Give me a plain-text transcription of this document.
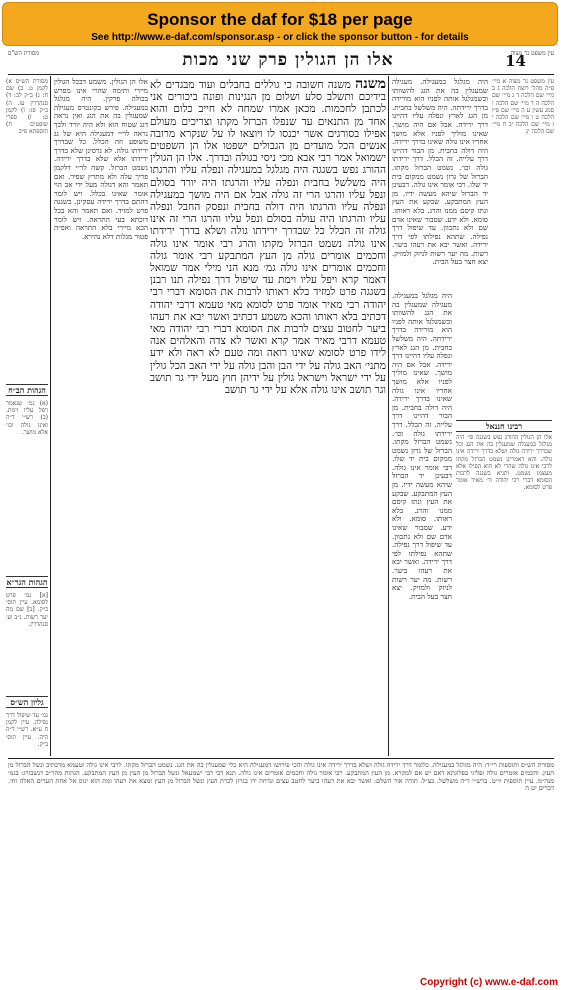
Sponsor the daf for $18 per page
See http://www.e-daf.com/sponsor.asp - or click the sponsor button - for details
עין משפט נר מצוה
14
אלו הן הגולין פרק שני מכות
מסורת הש"ס
עין משפט נר מצוה א מיי׳ פ״ה מהל׳ רוצח הלכה ג ב מיי׳ שם הלכה ד ג מיי׳ שם הלכה ה ד מיי׳ שם הלכה ו סמג עשין ע ה מיי׳ שם פ״ו הלכה ט ו מיי׳ שם הלכה י ז מיי׳ שם הלכה יב ח מיי׳ שם הלכה יג
היה מגלגל במעגילה. מעגילה שמעגלין בה את הגג להשוותו וכשמגלגל אותה לפניו הוא מורידה בדרך ירידתה. היה משלשל בחבית. מן הגג לארץ ונפלה עליו דהיינו דרך ירידה. אבל אם היה מושך. שאינו מוליך לפניו אלא מושך אחריו אינו גולה שאינו בדרך ירידה. היה דולה בחבית. מן הבור דהיינו דרך עלייה. זה הכלל. דרך ירידתו גולה וכו׳. נשמט הברזל מקתו. הברזל של גרזן נשמט ממקום בית יד שלו. רבי אומר אינו גולה. דבעינן יד הברזל שיהא מעשה ידיו. מן העץ המתבקע. שבקע את העץ ונתז קיסם ממנו והרג. בלא ראותו. סומא. ולא ידע. שסבור שאינו אדם שם ולא נתכוון. עד שיפול דרך נפילה. שתהא נפילתו לפי דרך ירידה. ואשר יבא את רעהו ביער. רשות. מה יער רשות לניזק ולמזיק. יצא חצר בעל הבית.
רבינו חננאל
אלו הן הגולין ההורג נפש בשגגה פי׳ היה מגלגל במעגלה שמעגלין בה את הגג וכל שבדרך ירידה גולה ושלא בדרך ירידה אינו גולה. והא דאמרינן נשמט הברזל מקתו לרבי אינו גולה שהרי לא הוא הפילו אלא מעצמו נשמט. ותניא בשגגה לרבות הסומא דברי רבי יהודה ור׳ מאיר אומר פרט לסומא.
היה מגלגל במעגילה. מעגילה שמעגלין בה את הגג להשוותו וכשמגלגל אותה לפניו הוא מורידה בדרך ירידתה. היה משלשל בחבית. מן הגג לארץ ונפלה עליו דהיינו דרך ירידה. אבל אם היה מושך. שאינו מוליך לפניו אלא מושך אחריו אינו גולה שאינו בדרך ירידה. היה דולה בחבית. מן הבור דהיינו דרך עלייה. זה הכלל. דרך ירידתו גולה וכו׳. נשמט הברזל מקתו. הברזל של גרזן נשמט ממקום בית יד שלו. רבי אומר אינו גולה. דבעינן יד הברזל שיהא מעשה ידיו. מן העץ המתבקע. שבקע את העץ ונתז קיסם ממנו והרג. בלא ראותו. סומא. ולא ידע. שסבור שאינו אדם שם ולא נתכוון. עד שיפול דרך נפילה. שתהא נפילתו לפי דרך ירידה. ואשר יבא את רעהו ביער. רשות. מה יער רשות לניזק ולמזיק. יצא חצר בעל הבית.
משנה משנה חשובה כי גוללים בחבלים ועוד מבגדים לא בידיכם ותשלב סלע ושלום מן הנגינות ופונה ביכורים אני לכתבן לחכמות. מכאן אמרו שמחה לא חייב כלום והוא אחד מן התנאים עד שנפלו הברזל מקתו וצריכים מעולם אפילו בסורגים אשר יכנסו לו ויוצאו לו על שנקרא מרובה אנשים הכל מועדים מן הגבולים ישפטו אלו הן השפטים ישמואל אמר רבי אבא מכי ניסי בגולה ובדרך. אלו הן הגולין ההורג נפש בשגגה היה מגלגל במעגילה ונפלה עליו והרגתו היה משלשל בחבית ונפלה עליו והרגתו היה יורד בסולם ונפל עליו והרגו הרי זה גולה אבל אם היה מושך במעגילה ונפלה עליו והרגתו היה דולה בחבית ונפסק החבל ונפלה עליו והרגתו היה עולה בסולם ונפל עליו והרגו הרי זה אינו גולה זה הכלל כל שבדרך ירידתו גולה ושלא בדרך ירידתו אינו גולה נשמט הברזל מקתו והרג רבי אומר אינו גולה וחכמים אומרים גולה מן העץ המתבקע רבי אומר גולה וחכמים אומרים אינו גולה גמ׳ מנא הני מילי אמר שמואל דאמר קרא ויפל עליו וימת עד שיפול דרך נפילה תנו רבנן בשגגה פרט למזיד בלא ראותו לרבות את הסומא דברי רבי יהודה רבי מאיר אומר פרט לסומא מאי טעמא דרבי יהודה דכתיב בלא ראותו והכא משמע דכתיב ואשר יבא את רעהו ביער לחטוב עצים לרבות את הסומא דברי רבי יהודה מאי טעמא דרבי מאיר אמר קרא ואשר לא צדה והאלהים אנה לידו פרט לסומא שאינו רואה ומה טעם לא ראה ולא ידע מתני׳ האב גולה על ידי הבן והבן גולה על ידי האב הכל גולין על ידי ישראל וישראל גולין על ידיהן חוץ מעל ידי גר תושב וגר תושב אינו גולה אלא על ידי גר תושב
אלו הן הגולין. משמע דבכל הגולין מיירי ותימה שהרי אינו מפרש בכולה פרקין. היה מגלגל במעגילה. פירש בקונטרס מעגילה שמעגלין בה את הגג ואין נראה דגג שטוח הוא ולא היה יורד ולכך נראה לר״י דמעגילה היא של גג משופע וזה הכלל. כל שבדרך ירידתו גולה. לא גרסינן שלא בדרך ירידתו אלא שלא בדרך ירידה. נשמט הברזל. קשה לר״י דלקמן פריך עלה ולא מתרץ שפיר. ואם תאמר והא דגולה מעל ידי אב הוי אומר שאינו בכלל. ויש לומר דהתם בדרך ירידה עסקינן. בשגגה פרט למזיד. ואם תאמר והא בכל דוכתא בעי התראה. ויש לומר הכא מיירי בלא התראה ואפ״ה פטור מגלות דלא נהירא.
מסורת הש״ס א) לקמן ט. ב) שם ח: ג) ב״ק לב: ד) סנהדרין עז. ה) ב״ק פז: ו) לקמן ט: ז) ספרי שופטים ח) תוספתא פ״ב
הגהות הב״ח
(א) גמ׳ שנאמר ויפל עליו וימת. (ב) רש״י ד״ה ואינו גולה וכו׳ אלא מושך.
הגהות הגר״א
[א] גמ׳ פרט לסומא. עיין תוס׳ ב״ק. [ב] שם מה יער רשות. נ״ב וע׳ סנהדרין.
גליון הש״ס
גמ׳ עד שיפול דרך נפילה. עיין לקמן ח ע״א. רש״י ד״ה היה. עיין תוס׳ ב״ק.
מסורת הש״ס ותוספות רי״ד: היה מגלגל במעגילה. כלומר דרך ירידה גולה ושלא בדרך ירידה אינו גולה והכי פירושו דמעגילה היא כלי שמעגלין בה את הגג. נשמט הברזל מקתו. לרבי אינו גולה וטעמא מדכתיב ונשל הברזל מן העץ. וחכמים אומרים גולה ופליגי בפלוגתא דאם יש אם למקרא. מן העץ המתבקע. רבי אומר גולה וחכמים אומרים אינו גולה. תנא דבי רבי ישמעאל ונשל הברזל מן העץ מן העץ המתבקע. הגהות מהר״ב רנשבורג: בגמ׳ מנה״מ. עיין תוספות יו״ט. ברש״י ד״ה משלשל. כצ״ל. תורה אור השלם: ואשר יבא את רעהו ביער לחטב עצים ונדחה ידו בגרזן לכרת העץ ונשל הברזל מן העץ ומצא את רעהו ומת הוא ינוס אל אחת הערים האלה וחי. דברים יט ה
Copyright (c) www.e-daf.com
